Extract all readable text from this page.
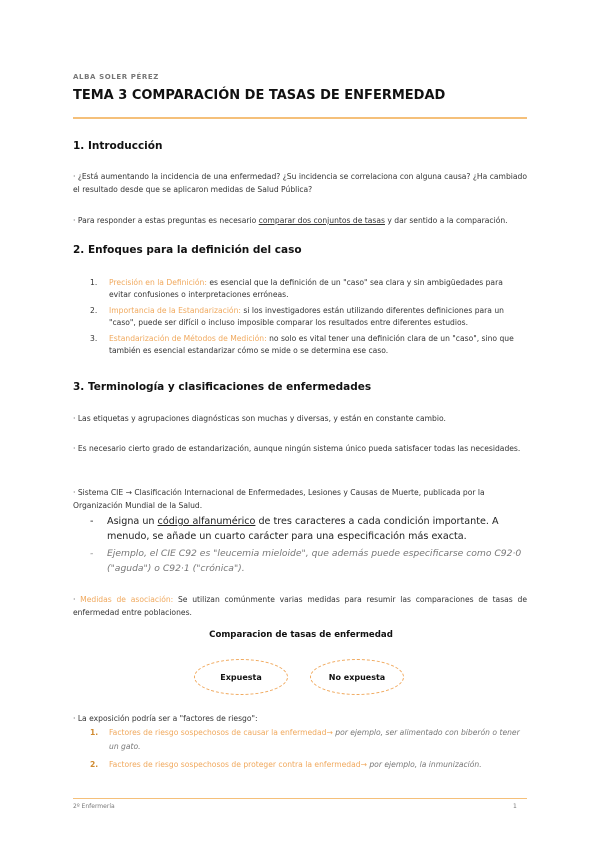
ALBA SOLER PÉREZ
TEMA 3 COMPARACIÓN DE TASAS DE ENFERMEDAD
1. Introducción
· ¿Está aumentando la incidencia de una enfermedad? ¿Su incidencia se correlaciona con alguna causa? ¿Ha cambiado el resultado desde que se aplicaron medidas de Salud Pública?
· Para responder a estas preguntas es necesario comparar dos conjuntos de tasas y dar sentido a la comparación.
2. Enfoques para la definición del caso
1. Precisión en la Definición: es esencial que la definición de un "caso" sea clara y sin ambigüedades para evitar confusiones o interpretaciones erróneas.
2. Importancia de la Estandarización: si los investigadores están utilizando diferentes definiciones para un "caso", puede ser difícil o incluso imposible comparar los resultados entre diferentes estudios.
3. Estandarización de Métodos de Medición: no solo es vital tener una definición clara de un "caso", sino que también es esencial estandarizar cómo se mide o se determina ese caso.
3. Terminología y clasificaciones de enfermedades
· Las etiquetas y agrupaciones diagnósticas son muchas y diversas, y están en constante cambio.
· Es necesario cierto grado de estandarización, aunque ningún sistema único pueda satisfacer todas las necesidades.
· Sistema CIE → Clasificación Internacional de Enfermedades, Lesiones y Causas de Muerte, publicada por la Organización Mundial de la Salud.
- Asigna un código alfanumérico de tres caracteres a cada condición importante. A menudo, se añade un cuarto carácter para una especificación más exacta.
- Ejemplo, el CIE C92 es "leucemia mieloide", que además puede especificarse como C92·0 ("aguda") o C92·1 ("crónica").
· Medidas de asociación: Se utilizan comúnmente varias medidas para resumir las comparaciones de tasas de enfermedad entre poblaciones.
Comparacion de tasas de enfermedad
Expuesta	No expuesta
· La exposición podría ser a "factores de riesgo":
1. Factores de riesgo sospechosos de causar la enfermedad→ por ejemplo, ser alimentado con biberón o tener un gato.
2. Factores de riesgo sospechosos de proteger contra la enfermedad→ por ejemplo, la inmunización.
2º Enfermería	1
